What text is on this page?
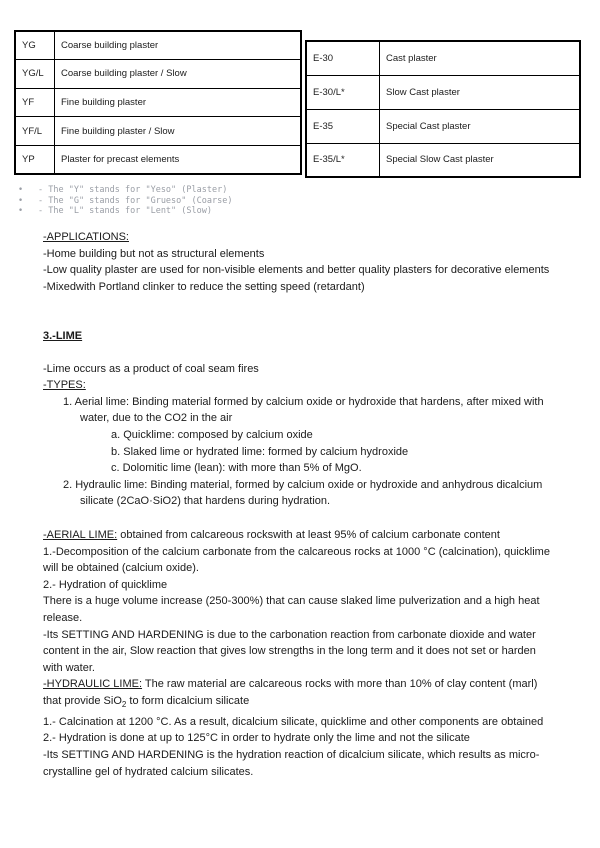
YG	Coarse building plaster
YG/L	Coarse building plaster / Slow
YF	Fine building plaster
YF/L	Fine building plaster / Slow
YP	Plaster for precast elements
E-30	Cast plaster
E-30/L*	Slow Cast plaster
E-35	Special Cast plaster
E-35/L*	Special Slow Cast plaster
• - The "Y" stands for "Yeso" (Plaster)
• - The "G" stands for "Grueso" (Coarse)
• - The "L" stands for "Lent" (Slow)

-APPLICATIONS:

-Home building but not as structural elements

-Low quality plaster are used for non-visible elements and better quality plasters for decorative elements

-Mixedwith Portland clinker to reduce the setting speed (retardant)

3.-LIME

-Lime occurs as a product of coal seam fires

-TYPES:

1. Aerial lime: Binding material formed by calcium oxide or hydroxide that hardens, after mixed with water, due to the CO2 in the air

a. Quicklime: composed by calcium oxide

b. Slaked lime or hydrated lime: formed by calcium hydroxide

c. Dolomitic lime (lean): with more than 5% of MgO.

2. Hydraulic lime: Binding material, formed by calcium oxide or hydroxide and anhydrous dicalcium silicate (2CaO·SiO2) that hardens during hydration.

-AERIAL LIME: obtained from calcareous rockswith at least 95% of calcium carbonate content

1.-Decomposition of the calcium carbonate from the calcareous rocks at 1000 °C (calcination), quicklime will be obtained (calcium oxide).

2.- Hydration of quicklime

There is a huge volume increase (250-300%) that can cause slaked lime pulverization and a high heat release.

-Its SETTING AND HARDENING is due to the carbonation reaction from carbonate dioxide and water content in the air, Slow reaction that gives low strengths in the long term and it does not set or harden with water.

-HYDRAULIC LIME: The raw material are calcareous rocks with more than 10% of clay content (marl) that provide SiO$_2$ to form dicalcium silicate

1.- Calcination at 1200 °C. As a result, dicalcium silicate, quicklime and other components are obtained

2.- Hydration is done at up to 125°C in order to hydrate only the lime and not the silicate

-Its SETTING AND HARDENING is the hydration reaction of dicalcium silicate, which results as micro-crystalline gel of hydrated calcium silicates.
